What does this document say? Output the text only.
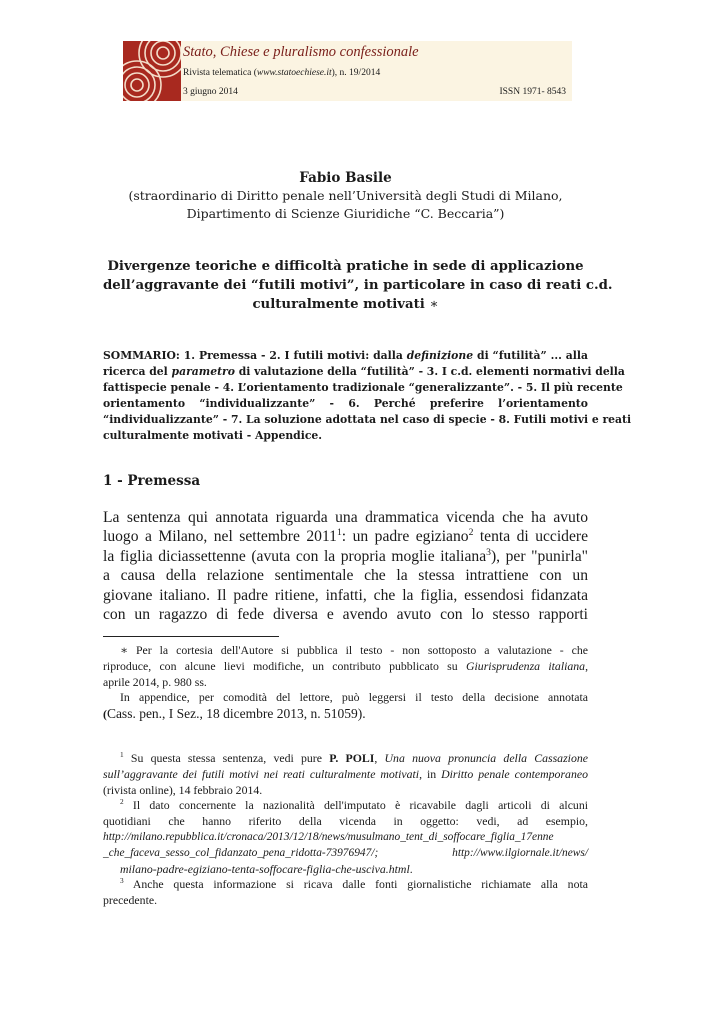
Stato, Chiese e pluralismo confessionale
Rivista telematica (www.statoechiese.it), n. 19/2014
3 giugno 2014	ISSN 1971- 8543
Fabio Basile
(straordinario di Diritto penale nell’Università degli Studi di Milano,
Dipartimento di Scienze Giuridiche “C. Beccaria”)
Divergenze teoriche e difficoltà pratiche in sede di applicazione
dell’aggravante dei “futili motivi”, in particolare in caso di reati c.d.
culturalmente motivati ∗
SOMMARIO: 1. Premessa - 2. I futili motivi: dalla definizione di “futilità” ... alla
ricerca del parametro di valutazione della “futilità” - 3. I c.d. elementi normativi della
fattispecie penale - 4. L’orientamento tradizionale “generalizzante”. - 5. Il più recente
orientamento “individualizzante” - 6. Perché preferire l’orientamento
“individualizzante” - 7. La soluzione adottata nel caso di specie - 8. Futili motivi e reati
culturalmente motivati - Appendice.
1 - Premessa
La sentenza qui annotata riguarda una drammatica vicenda che ha avuto
luogo a Milano, nel settembre 2011$^1$: un padre egiziano$^2$ tenta di uccidere
la figlia diciassettenne (avuta con la propria moglie italiana$^3$), per "punirla"
a causa della relazione sentimentale che la stessa intrattiene con un
giovane italiano. Il padre ritiene, infatti, che la figlia, essendosi fidanzata
con un ragazzo di fede diversa e avendo avuto con lo stesso rapporti
∗ Per la cortesia dell'Autore si pubblica il testo - non sottoposto a valutazione - che
riproduce, con alcune lievi modifiche, un contributo pubblicato su Giurisprudenza italiana,
aprile 2014, p. 980 ss.
In appendice, per comodità del lettore, può leggersi il testo della decisione annotata
(Cass. pen., I Sez., 18 dicembre 2013, n. 51059).
$^1$ Su questa stessa sentenza, vedi pure P. POLI, Una nuova pronuncia della Cassazione
sull’aggravante dei futili motivi nei reati culturalmente motivati, in Diritto penale contemporaneo
(rivista online), 14 febbraio 2014.
$^2$ Il dato concernente la nazionalità dell'imputato è ricavabile dagli articoli di alcuni
quotidiani che hanno riferito della vicenda in oggetto: vedi, ad esempio,
http://milano.repubblica.it/cronaca/2013/12/18/news/musulmano_tent_di_soffocare_figlia_17enne
_che_faceva_sesso_col_fidanzato_pena_ridotta-73976947/; http://www.ilgiornale.it/news/
milano-padre-egiziano-tenta-soffocare-figlia-che-usciva.html.
$^3$ Anche questa informazione si ricava dalle fonti giornalistiche richiamate alla nota
precedente.
